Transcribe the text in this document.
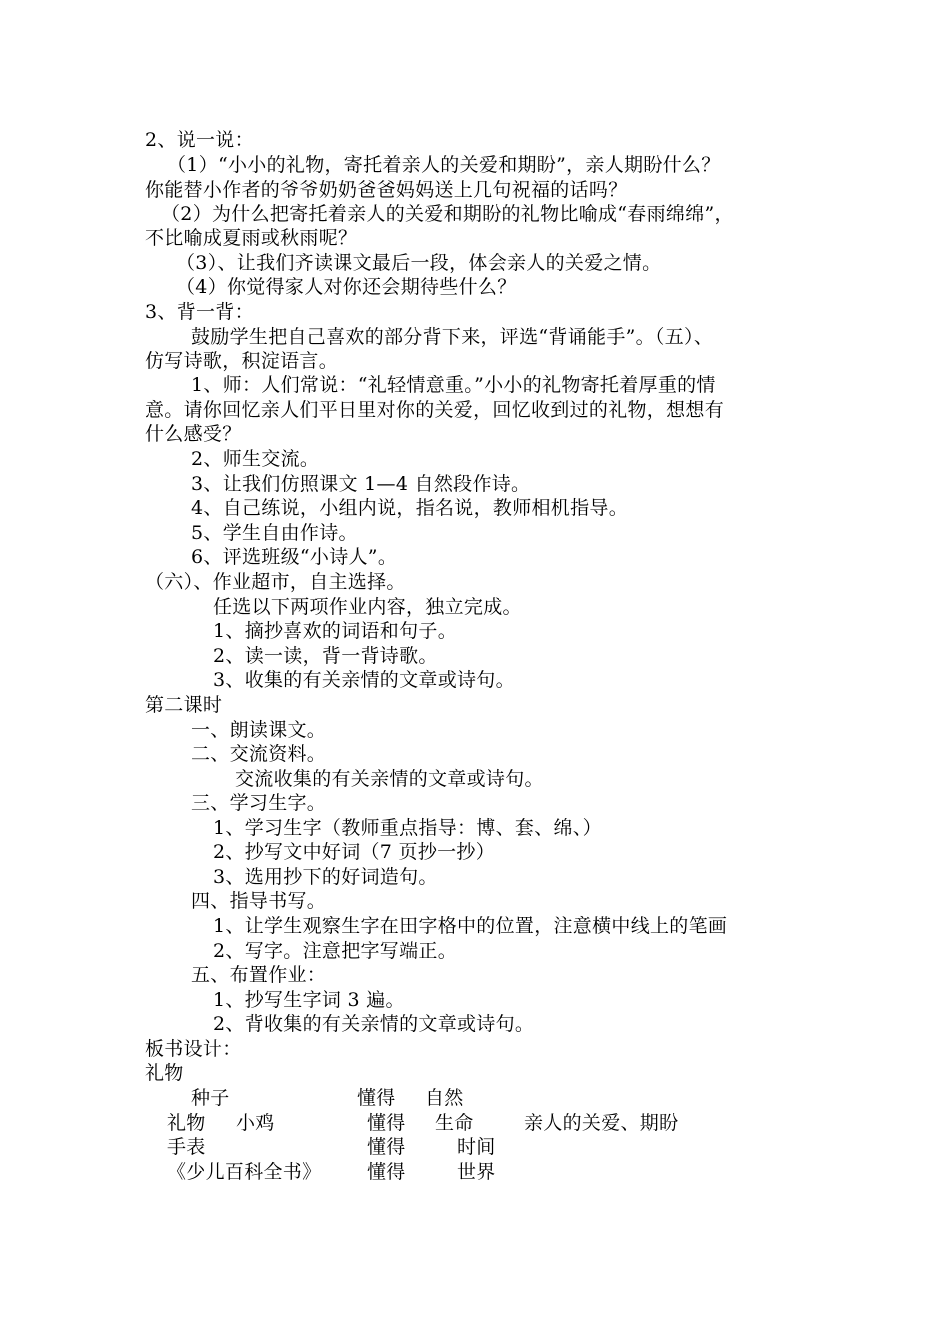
2、说一说：
（1）“小小的礼物，寄托着亲人的关爱和期盼”，亲人期盼什么？
你能替小作者的爷爷奶奶爸爸妈妈送上几句祝福的话吗？
（2）为什么把寄托着亲人的关爱和期盼的礼物比喻成“春雨绵绵”，
不比喻成夏雨或秋雨呢？
（3）、让我们齐读课文最后一段，体会亲人的关爱之情。
（4）你觉得家人对你还会期待些什么？
3、背一背：
鼓励学生把自己喜欢的部分背下来，评选“背诵能手”。（五）、
仿写诗歌，积淀语言。
1、师：人们常说：“礼轻情意重。”小小的礼物寄托着厚重的情
意。请你回忆亲人们平日里对你的关爱，回忆收到过的礼物，想想有
什么感受？
2、师生交流。
3、让我们仿照课文 1—4 自然段作诗。
4、自己练说，小组内说，指名说，教师相机指导。
5、学生自由作诗。
6、评选班级“小诗人”。
（六）、作业超市，自主选择。
任选以下两项作业内容，独立完成。
1、摘抄喜欢的词语和句子。
2、读一读，背一背诗歌。
3、收集的有关亲情的文章或诗句。
第二课时
一、朗读课文。
二、交流资料。
交流收集的有关亲情的文章或诗句。
三、学习生字。
1、学习生字（教师重点指导：博、套、绵、）
2、抄写文中好词（7 页抄一抄）
3、选用抄下的好词造句。
四、指导书写。
1、让学生观察生字在田字格中的位置，注意横中线上的笔画
2、写字。注意把字写端正。
五、布置作业：
1、抄写生字词 3 遍。
2、背收集的有关亲情的文章或诗句。
板书设计：
礼物
种子	懂得 自然
礼物 小鸡	懂得 生命	亲人的关爱、期盼
手表	懂得	时间
《少儿百科全书》 懂得	世界
